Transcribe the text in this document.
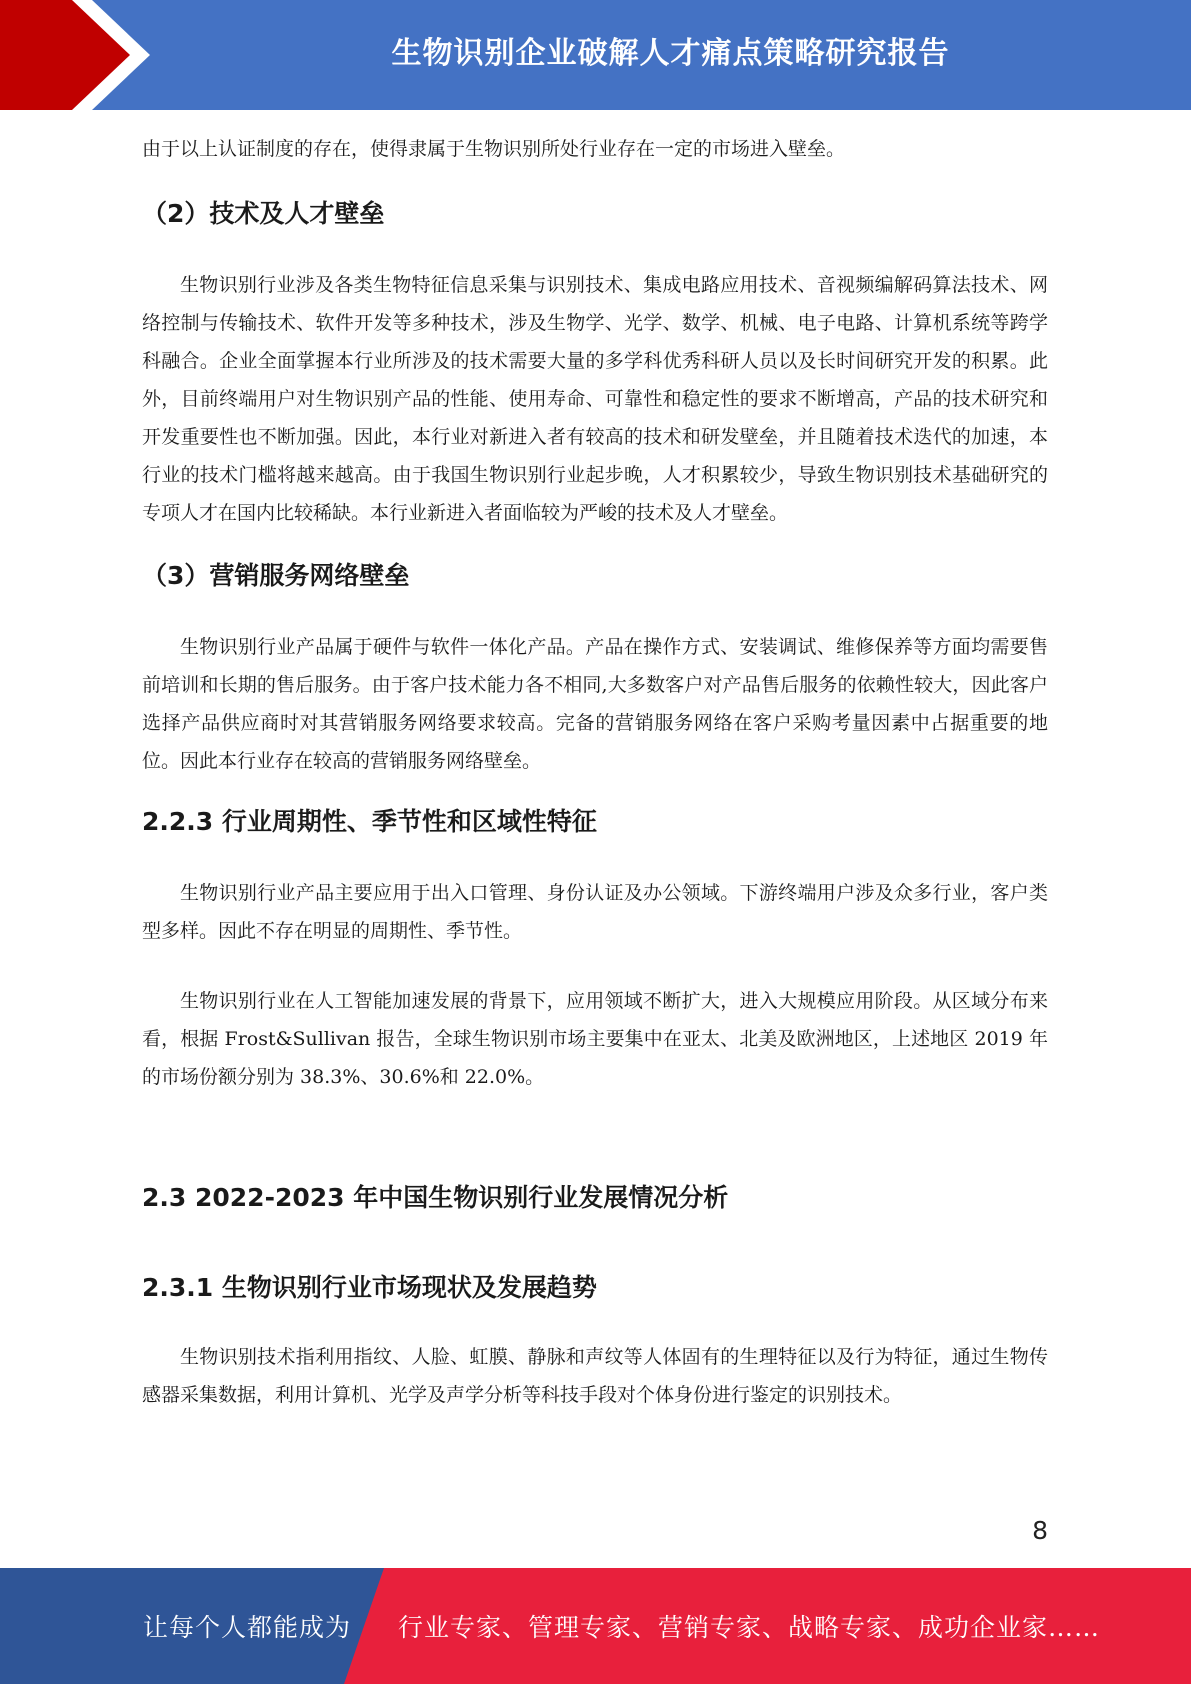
生物识别企业破解人才痛点策略研究报告

由于以上认证制度的存在，使得隶属于生物识别所处行业存在一定的市场进入壁垒。

（2）技术及人才壁垒

生物识别行业涉及各类生物特征信息采集与识别技术、集成电路应用技术、音视频编解码算法技术、网络控制与传输技术、软件开发等多种技术，涉及生物学、光学、数学、机械、电子电路、计算机系统等跨学科融合。企业全面掌握本行业所涉及的技术需要大量的多学科优秀科研人员以及长时间研究开发的积累。此外，目前终端用户对生物识别产品的性能、使用寿命、可靠性和稳定性的要求不断增高，产品的技术研究和开发重要性也不断加强。因此，本行业对新进入者有较高的技术和研发壁垒，并且随着技术迭代的加速，本行业的技术门槛将越来越高。由于我国生物识别行业起步晚，人才积累较少，导致生物识别技术基础研究的专项人才在国内比较稀缺。本行业新进入者面临较为严峻的技术及人才壁垒。

（3）营销服务网络壁垒

生物识别行业产品属于硬件与软件一体化产品。产品在操作方式、安装调试、维修保养等方面均需要售前培训和长期的售后服务。由于客户技术能力各不相同,大多数客户对产品售后服务的依赖性较大，因此客户选择产品供应商时对其营销服务网络要求较高。完备的营销服务网络在客户采购考量因素中占据重要的地位。因此本行业存在较高的营销服务网络壁垒。

2.2.3 行业周期性、季节性和区域性特征

生物识别行业产品主要应用于出入口管理、身份认证及办公领域。下游终端用户涉及众多行业，客户类型多样。因此不存在明显的周期性、季节性。

生物识别行业在人工智能加速发展的背景下，应用领域不断扩大，进入大规模应用阶段。从区域分布来看，根据 Frost&Sullivan 报告，全球生物识别市场主要集中在亚太、北美及欧洲地区，上述地区 2019 年的市场份额分别为 38.3%、30.6%和 22.0%。

2.3 2022-2023 年中国生物识别行业发展情况分析
2.3.1 生物识别行业市场现状及发展趋势

生物识别技术指利用指纹、人脸、虹膜、静脉和声纹等人体固有的生理特征以及行为特征，通过生物传感器采集数据，利用计算机、光学及声学分析等科技手段对个体身份进行鉴定的识别技术。

8
让每个人都能成为 行业专家、管理专家、营销专家、战略专家、成功企业家……
